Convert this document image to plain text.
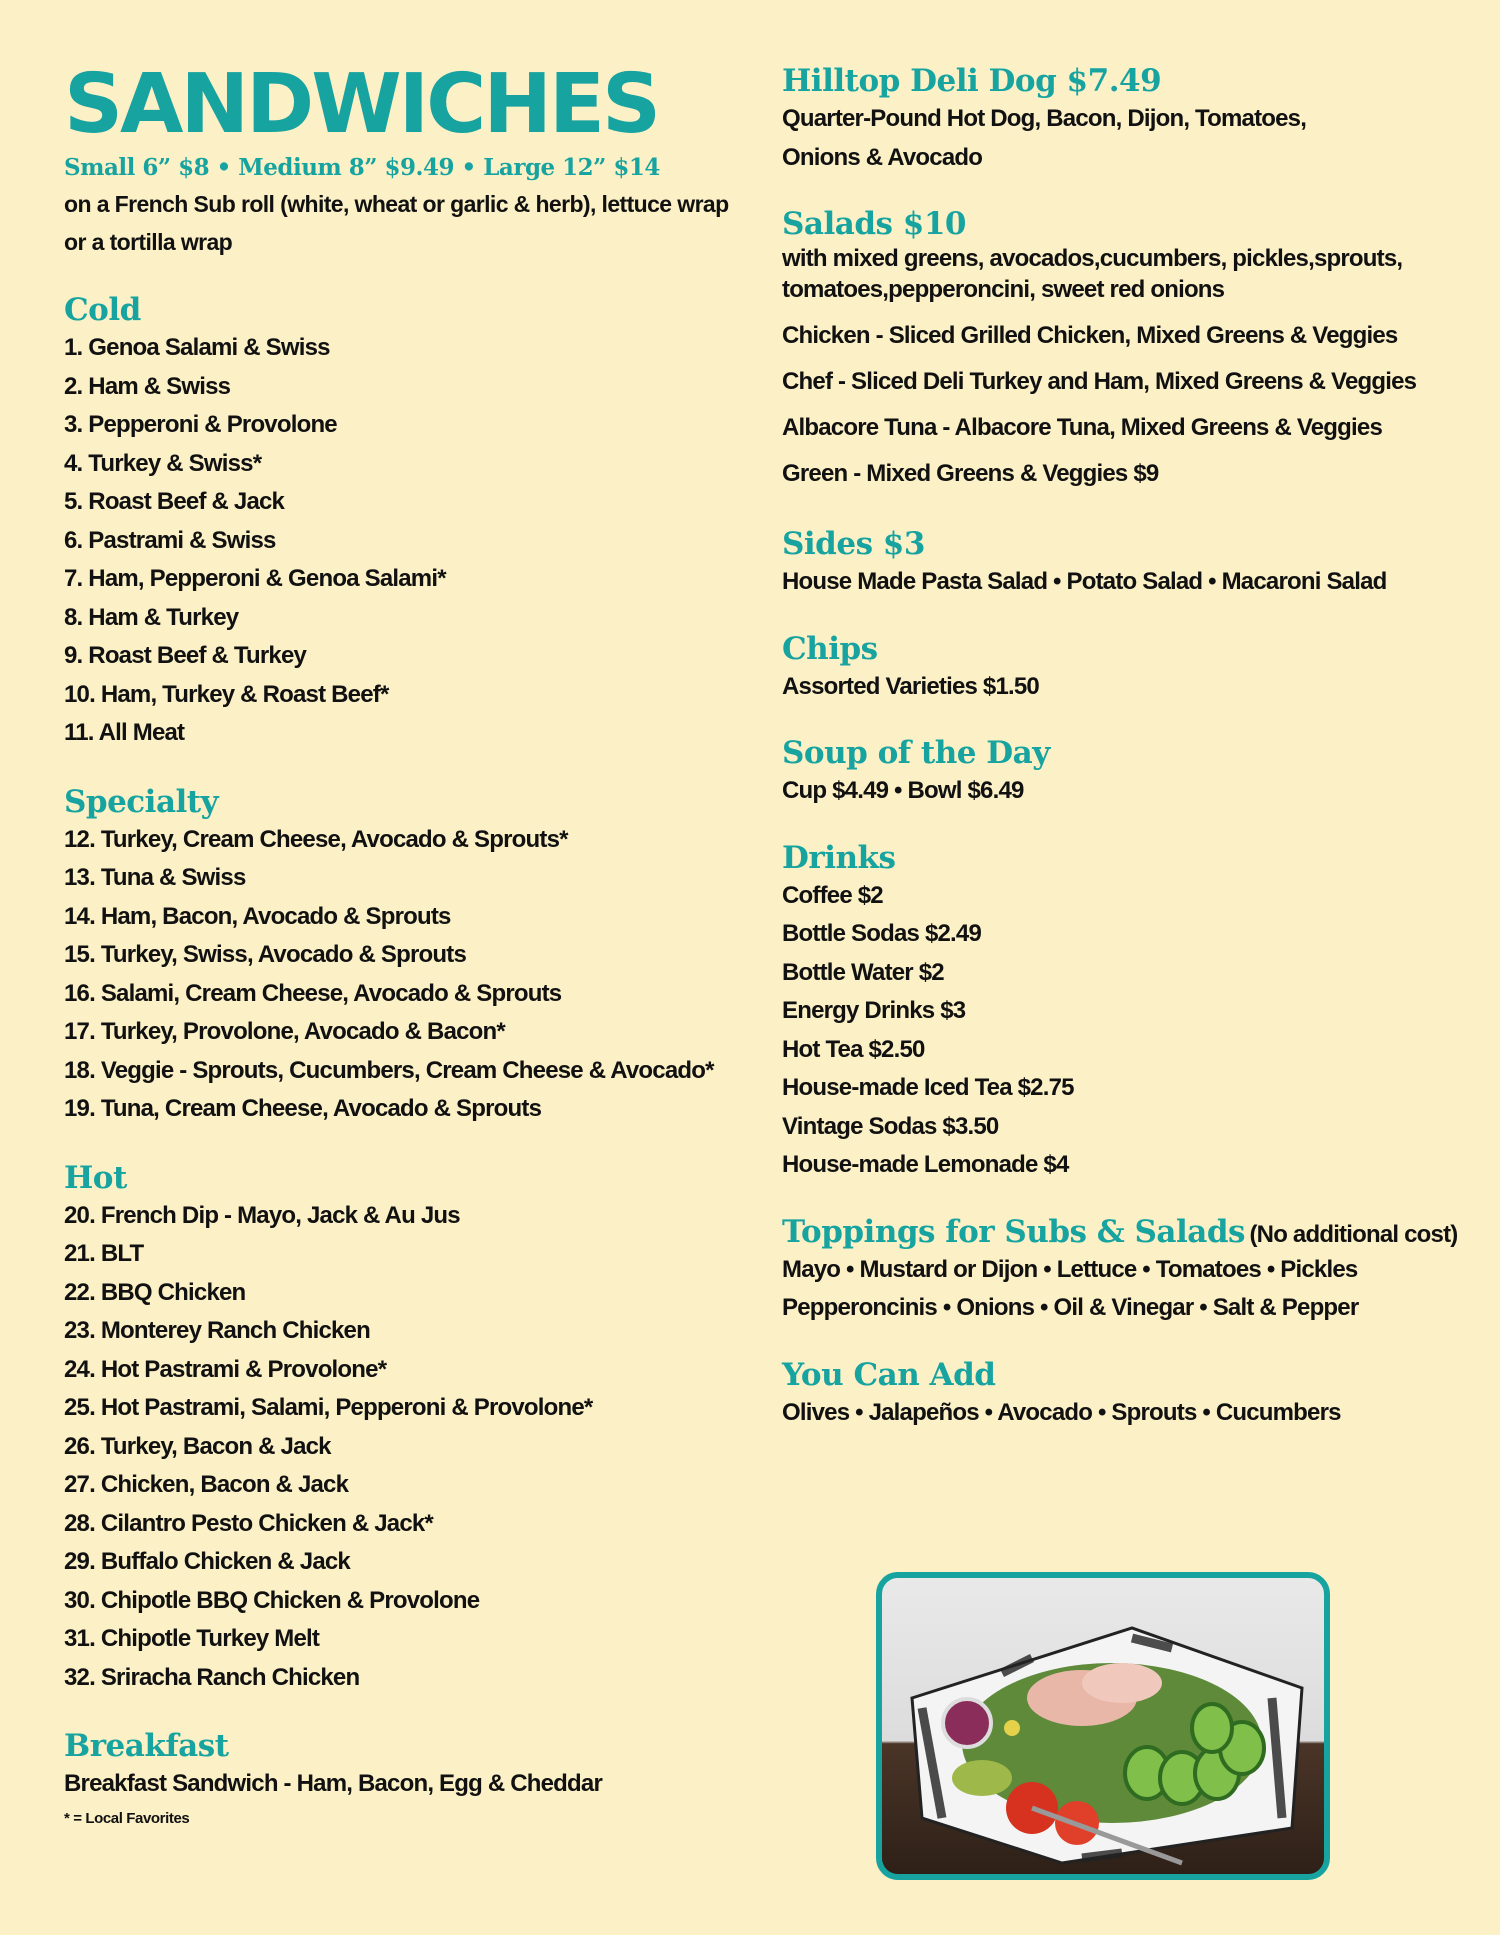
SANDWICHES
Small 6” $8 • Medium 8” $9.49 • Large 12” $14
on a French Sub roll (white, wheat or garlic & herb), lettuce wrap
or a tortilla wrap
Cold
1. Genoa Salami & Swiss
2. Ham & Swiss
3. Pepperoni & Provolone
4. Turkey & Swiss*
5. Roast Beef & Jack
6. Pastrami & Swiss
7. Ham, Pepperoni & Genoa Salami*
8. Ham & Turkey
9. Roast Beef & Turkey
10. Ham, Turkey & Roast Beef*
11. All Meat
Specialty
12. Turkey, Cream Cheese, Avocado & Sprouts*
13. Tuna & Swiss
14. Ham, Bacon, Avocado & Sprouts
15. Turkey, Swiss, Avocado & Sprouts
16. Salami, Cream Cheese, Avocado & Sprouts
17. Turkey, Provolone, Avocado & Bacon*
18. Veggie - Sprouts, Cucumbers, Cream Cheese & Avocado*
19. Tuna, Cream Cheese, Avocado & Sprouts
Hot
20. French Dip - Mayo, Jack & Au Jus
21. BLT
22. BBQ Chicken
23. Monterey Ranch Chicken
24. Hot Pastrami & Provolone*
25. Hot Pastrami, Salami, Pepperoni & Provolone*
26. Turkey, Bacon & Jack
27. Chicken, Bacon & Jack
28. Cilantro Pesto Chicken & Jack*
29. Buffalo Chicken & Jack
30. Chipotle BBQ Chicken & Provolone
31. Chipotle Turkey Melt
32. Sriracha Ranch Chicken
Breakfast
Breakfast Sandwich - Ham, Bacon, Egg & Cheddar
* = Local Favorites
Hilltop Deli Dog $7.49
Quarter-Pound Hot Dog, Bacon, Dijon, Tomatoes,
Onions & Avocado
Salads $10
with mixed greens, avocados,cucumbers, pickles,sprouts,
tomatoes,pepperoncini, sweet red onions
Chicken - Sliced Grilled Chicken, Mixed Greens & Veggies
Chef - Sliced Deli Turkey and Ham, Mixed Greens & Veggies
Albacore Tuna - Albacore Tuna, Mixed Greens & Veggies
Green - Mixed Greens & Veggies $9
Sides $3
House Made Pasta Salad • Potato Salad • Macaroni Salad
Chips
Assorted Varieties $1.50
Soup of the Day
Cup $4.49 • Bowl $6.49
Drinks
Coffee $2
Bottle Sodas $2.49
Bottle Water $2
Energy Drinks $3
Hot Tea $2.50
House-made Iced Tea $2.75
Vintage Sodas $3.50
House-made Lemonade $4
Toppings for Subs & Salads (No additional cost)
Mayo • Mustard or Dijon • Lettuce • Tomatoes • Pickles
Pepperoncinis • Onions • Oil & Vinegar • Salt & Pepper
You Can Add
Olives • Jalapeños • Avocado • Sprouts • Cucumbers
